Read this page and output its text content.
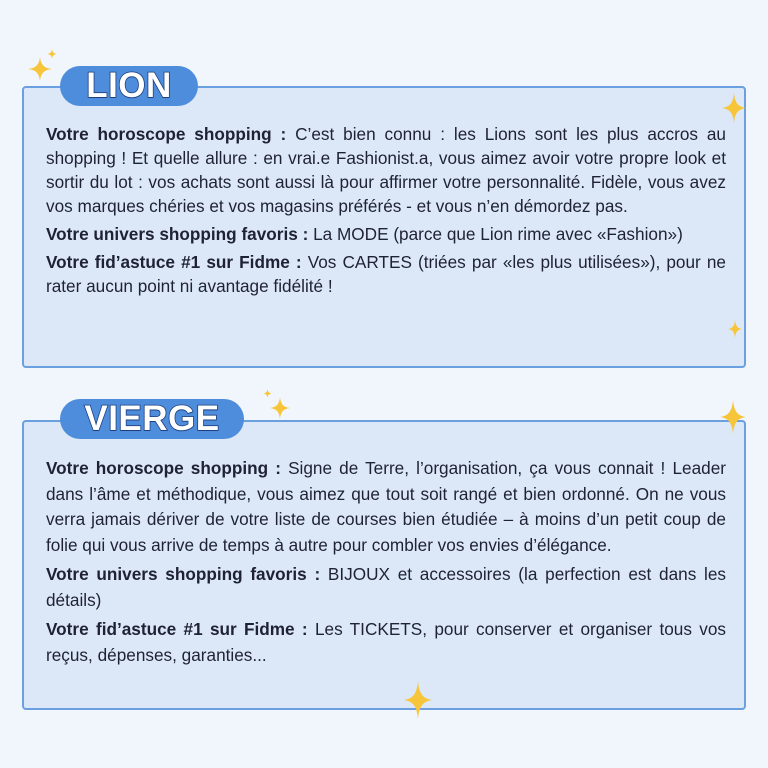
Votre horoscope shopping : C’est bien connu : les Lions sont les plus accros au shopping ! Et quelle allure : en vrai.e Fashionist.a, vous aimez avoir votre propre look et sortir du lot : vos achats sont aussi là pour affirmer votre personnalité. Fidèle, vous avez vos marques chéries et vos magasins préférés - et vous n’en démordez pas.

Votre univers shopping favoris : La MODE (parce que Lion rime avec «Fashion»)

Votre fid’astuce #1 sur Fidme : Vos CARTES (triées par «les plus utilisées»), pour ne rater aucun point ni avantage fidélité !

LION

Votre horoscope shopping : Signe de Terre, l’organisation, ça vous connait ! Leader dans l’âme et méthodique, vous aimez que tout soit rangé et bien ordonné. On ne vous verra jamais dériver de votre liste de courses bien étudiée – à moins d’un petit coup de folie qui vous arrive de temps à autre pour combler vos envies d’élégance.

Votre univers shopping favoris : BIJOUX et accessoires (la perfection est dans les détails)

Votre fid’astuce #1 sur Fidme : Les TICKETS, pour conserver et organiser tous vos reçus, dépenses, garanties...

VIERGE
